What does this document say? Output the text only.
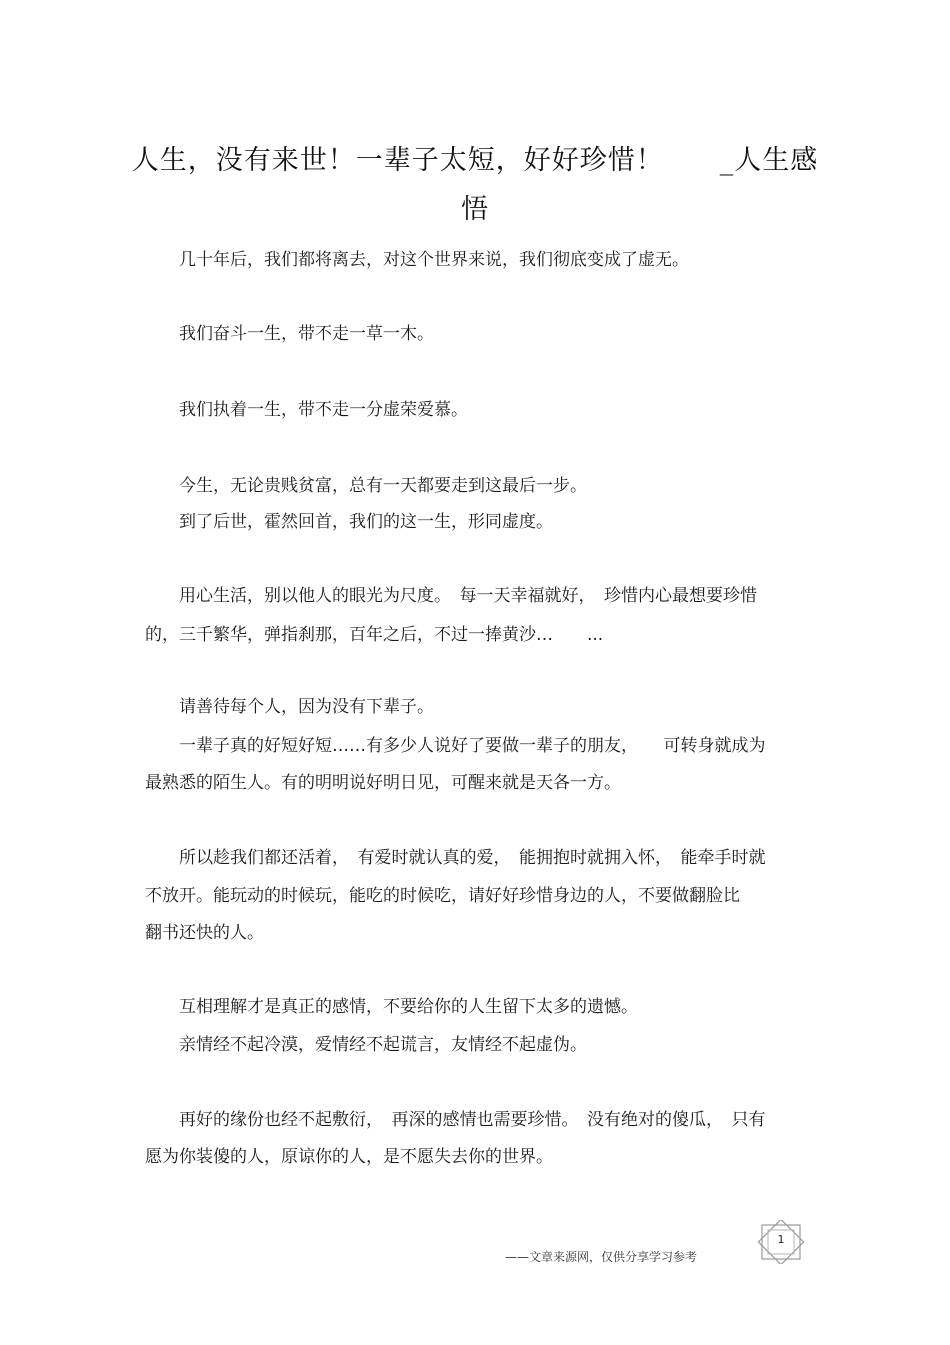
人生，没有来世！一辈子太短，好好珍惜！　　_人生感
悟
　　几十年后，我们都将离去，对这个世界来说，我们彻底变成了虚无。
　　我们奋斗一生，带不走一草一木。
　　我们执着一生，带不走一分虚荣爱慕。
　　今生，无论贵贱贫富，总有一天都要走到这最后一步。
　　到了后世，霍然回首，我们的这一生，形同虚度。
　　用心生活，别以他人的眼光为尺度。　每一天幸福就好，　珍惜内心最想要珍惜
的，三千繁华，弹指刹那，百年之后，不过一捧黄沙…　　...
　　请善待每个人，因为没有下辈子。
　　一辈子真的好短好短……有多少人说好了要做一辈子的朋友，　　可转身就成为
最熟悉的陌生人。有的明明说好明日见，可醒来就是天各一方。
　　所以趁我们都还活着，　有爱时就认真的爱，　能拥抱时就拥入怀，　能牵手时就
不放开。能玩动的时候玩，能吃的时候吃，请好好珍惜身边的人，不要做翻脸比
翻书还快的人。
　　互相理解才是真正的感情，不要给你的人生留下太多的遗憾。
　　亲情经不起冷漠，爱情经不起谎言，友情经不起虚伪。
　　再好的缘份也经不起敷衍，　再深的感情也需要珍惜。　没有绝对的傻瓜，　只有
愿为你装傻的人，原谅你的人，是不愿失去你的世界。
1
——文章来源网，仅供分享学习参考
